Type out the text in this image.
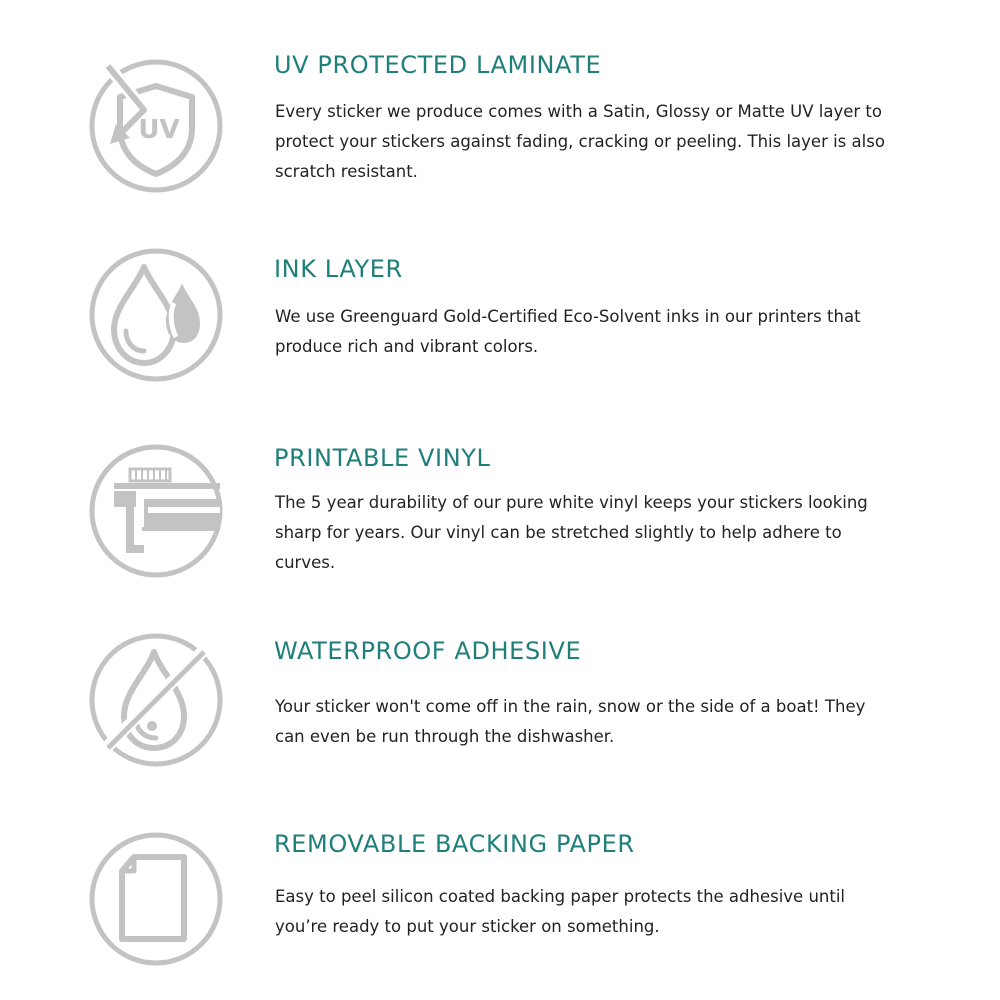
UV
UV PROTECTED LAMINATE

Every sticker we produce comes with a Satin, Glossy or Matte UV layer to
protect your stickers against fading, cracking or peeling. This layer is also
scratch resistant.

INK LAYER

We use Greenguard Gold-Certified Eco-Solvent inks in our printers that
produce rich and vibrant colors.

PRINTABLE VINYL

The 5 year durability of our pure white vinyl keeps your stickers looking
sharp for years. Our vinyl can be stretched slightly to help adhere to
curves.

WATERPROOF ADHESIVE

Your sticker won't come off in the rain, snow or the side of a boat! They
can even be run through the dishwasher.

REMOVABLE BACKING PAPER

Easy to peel silicon coated backing paper protects the adhesive until
you’re ready to put your sticker on something.
